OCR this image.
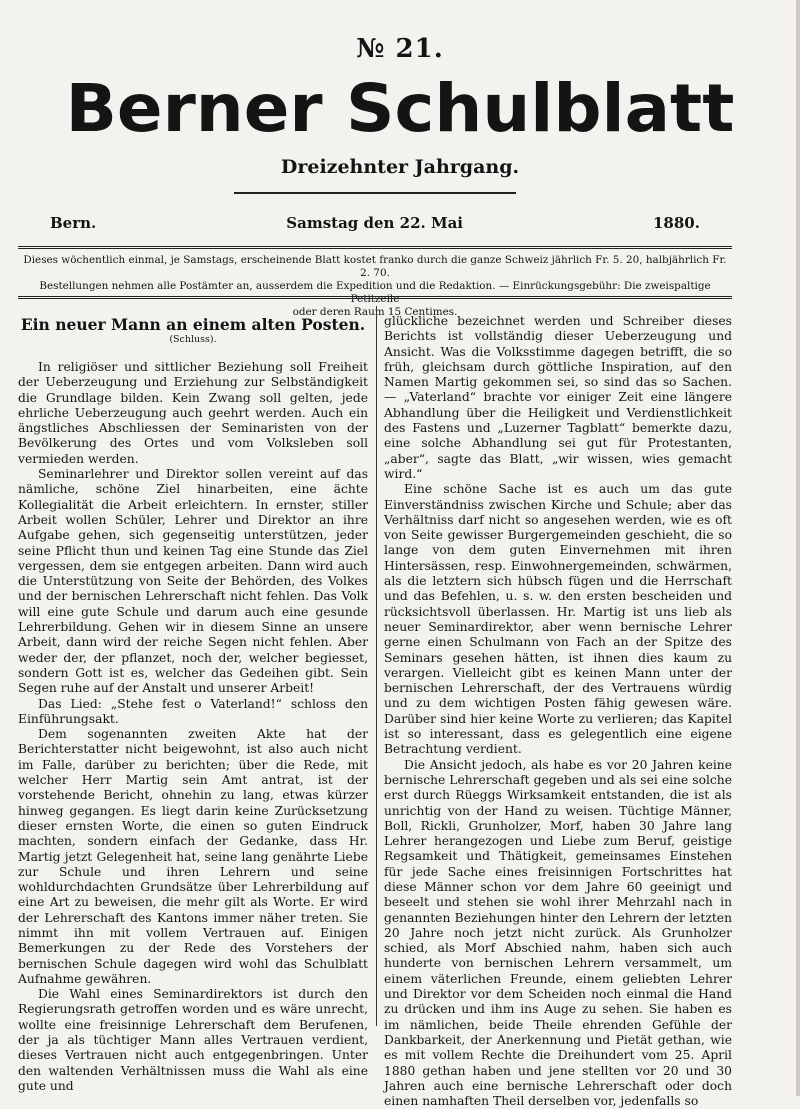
№ 21.
Berner Schulblatt
Dreizehnter Jahrgang.
Bern.	Samstag den 22. Mai	1880.
Dieses wöchentlich einmal, je Samstags, erscheinende Blatt kostet franko durch die ganze Schweiz jährlich Fr. 5. 20, halbjährlich Fr. 2. 70.
Bestellungen nehmen alle Postämter an, ausserdem die Expedition und die Redaktion. — Einrückungsgebühr: Die zweispaltige Petitzeile
oder deren Raum 15 Centimes.
Ein neuer Mann an einem alten Posten.
(Schluss).

In religiöser und sittlicher Beziehung soll Freiheit der Ueberzeugung und Erziehung zur Selbständigkeit die Grundlage bilden. Kein Zwang soll gelten, jede ehrliche Ueberzeugung auch geehrt werden. Auch ein ängstliches Abschliessen der Seminaristen von der Bevölkerung des Ortes und vom Volksleben soll vermieden werden.

Seminarlehrer und Direktor sollen vereint auf das nämliche, schöne Ziel hinarbeiten, eine ächte Kollegialität die Arbeit erleichtern. In ernster, stiller Arbeit wollen Schüler, Lehrer und Direktor an ihre Aufgabe gehen, sich gegenseitig unterstützen, jeder seine Pflicht thun und keinen Tag eine Stunde das Ziel vergessen, dem sie entgegen arbeiten. Dann wird auch die Unterstützung von Seite der Behörden, des Volkes und der bernischen Lehrerschaft nicht fehlen. Das Volk will eine gute Schule und darum auch eine gesunde Lehrerbildung. Gehen wir in diesem Sinne an unsere Arbeit, dann wird der reiche Segen nicht fehlen. Aber weder der, der pflanzet, noch der, welcher begiesset, sondern Gott ist es, welcher das Gedeihen gibt. Sein Segen ruhe auf der Anstalt und unserer Arbeit!

Das Lied: „Stehe fest o Vaterland!“ schloss den Einführungsakt.

Dem sogenannten zweiten Akte hat der Berichterstatter nicht beigewohnt, ist also auch nicht im Falle, darüber zu berichten; über die Rede, mit welcher Herr Martig sein Amt antrat, ist der vorstehende Bericht, ohnehin zu lang, etwas kürzer hinweg gegangen. Es liegt darin keine Zurücksetzung dieser ernsten Worte, die einen so guten Eindruck machten, sondern einfach der Gedanke, dass Hr. Martig jetzt Gelegenheit hat, seine lang genährte Liebe zur Schule und ihren Lehrern und seine wohldurchdachten Grundsätze über Lehrerbildung auf eine Art zu beweisen, die mehr gilt als Worte. Er wird der Lehrerschaft des Kantons immer näher treten. Sie nimmt ihn mit vollem Vertrauen auf. Einigen Bemerkungen zu der Rede des Vorstehers der bernischen Schule dagegen wird wohl das Schulblatt Aufnahme gewähren.

Die Wahl eines Seminardirektors ist durch den Regierungsrath getroffen worden und es wäre unrecht, wollte eine freisinnige Lehrerschaft dem Berufenen, der ja als tüchtiger Mann alles Vertrauen verdient, dieses Vertrauen nicht auch entgegenbringen. Unter den waltenden Verhältnissen muss die Wahl als eine gute und

glückliche bezeichnet werden und Schreiber dieses Berichts ist vollständig dieser Ueberzeugung und Ansicht. Was die Volksstimme dagegen betrifft, die so früh, gleichsam durch göttliche Inspiration, auf den Namen Martig gekommen sei, so sind das so Sachen. — „Vaterland“ brachte vor einiger Zeit eine längere Abhandlung über die Heiligkeit und Verdienstlichkeit des Fastens und „Luzerner Tagblatt“ bemerkte dazu, eine solche Abhandlung sei gut für Protestanten, „aber“, sagte das Blatt, „wir wissen, wies gemacht wird.“

Eine schöne Sache ist es auch um das gute Einverständniss zwischen Kirche und Schule; aber das Verhältniss darf nicht so angesehen werden, wie es oft von Seite gewisser Burgergemeinden geschieht, die so lange von dem guten Einvernehmen mit ihren Hintersässen, resp. Einwohnergemeinden, schwärmen, als die letztern sich hübsch fügen und die Herrschaft und das Befehlen, u. s. w. den ersten bescheiden und rücksichtsvoll überlassen. Hr. Martig ist uns lieb als neuer Seminardirektor, aber wenn bernische Lehrer gerne einen Schulmann von Fach an der Spitze des Seminars gesehen hätten, ist ihnen dies kaum zu verargen. Vielleicht gibt es keinen Mann unter der bernischen Lehrerschaft, der des Vertrauens würdig und zu dem wichtigen Posten fähig gewesen wäre. Darüber sind hier keine Worte zu verlieren; das Kapitel ist so interessant, dass es gelegentlich eine eigene Betrachtung verdient.

Die Ansicht jedoch, als habe es vor 20 Jahren keine bernische Lehrerschaft gegeben und als sei eine solche erst durch Rüeggs Wirksamkeit entstanden, die ist als unrichtig von der Hand zu weisen. Tüchtige Männer, Boll, Rickli, Grunholzer, Morf, haben 30 Jahre lang Lehrer herangezogen und Liebe zum Beruf, geistige Regsamkeit und Thätigkeit, gemeinsames Einstehen für jede Sache eines freisinnigen Fortschrittes hat diese Männer schon vor dem Jahre 60 geeinigt und beseelt und stehen sie wohl ihrer Mehrzahl nach in genannten Beziehungen hinter den Lehrern der letzten 20 Jahre noch jetzt nicht zurück. Als Grunholzer schied, als Morf Abschied nahm, haben sich auch hunderte von bernischen Lehrern versammelt, um einem väterlichen Freunde, einem geliebten Lehrer und Direktor vor dem Scheiden noch einmal die Hand zu drücken und ihm ins Auge zu sehen. Sie haben es im nämlichen, beide Theile ehrenden Gefühle der Dankbarkeit, der Anerkennung und Pietät gethan, wie es mit vollem Rechte die Dreihundert vom 25. April 1880 gethan haben und jene stellten vor 20 und 30 Jahren auch eine bernische Lehrerschaft oder doch einen namhaften Theil derselben vor, jedenfalls so
